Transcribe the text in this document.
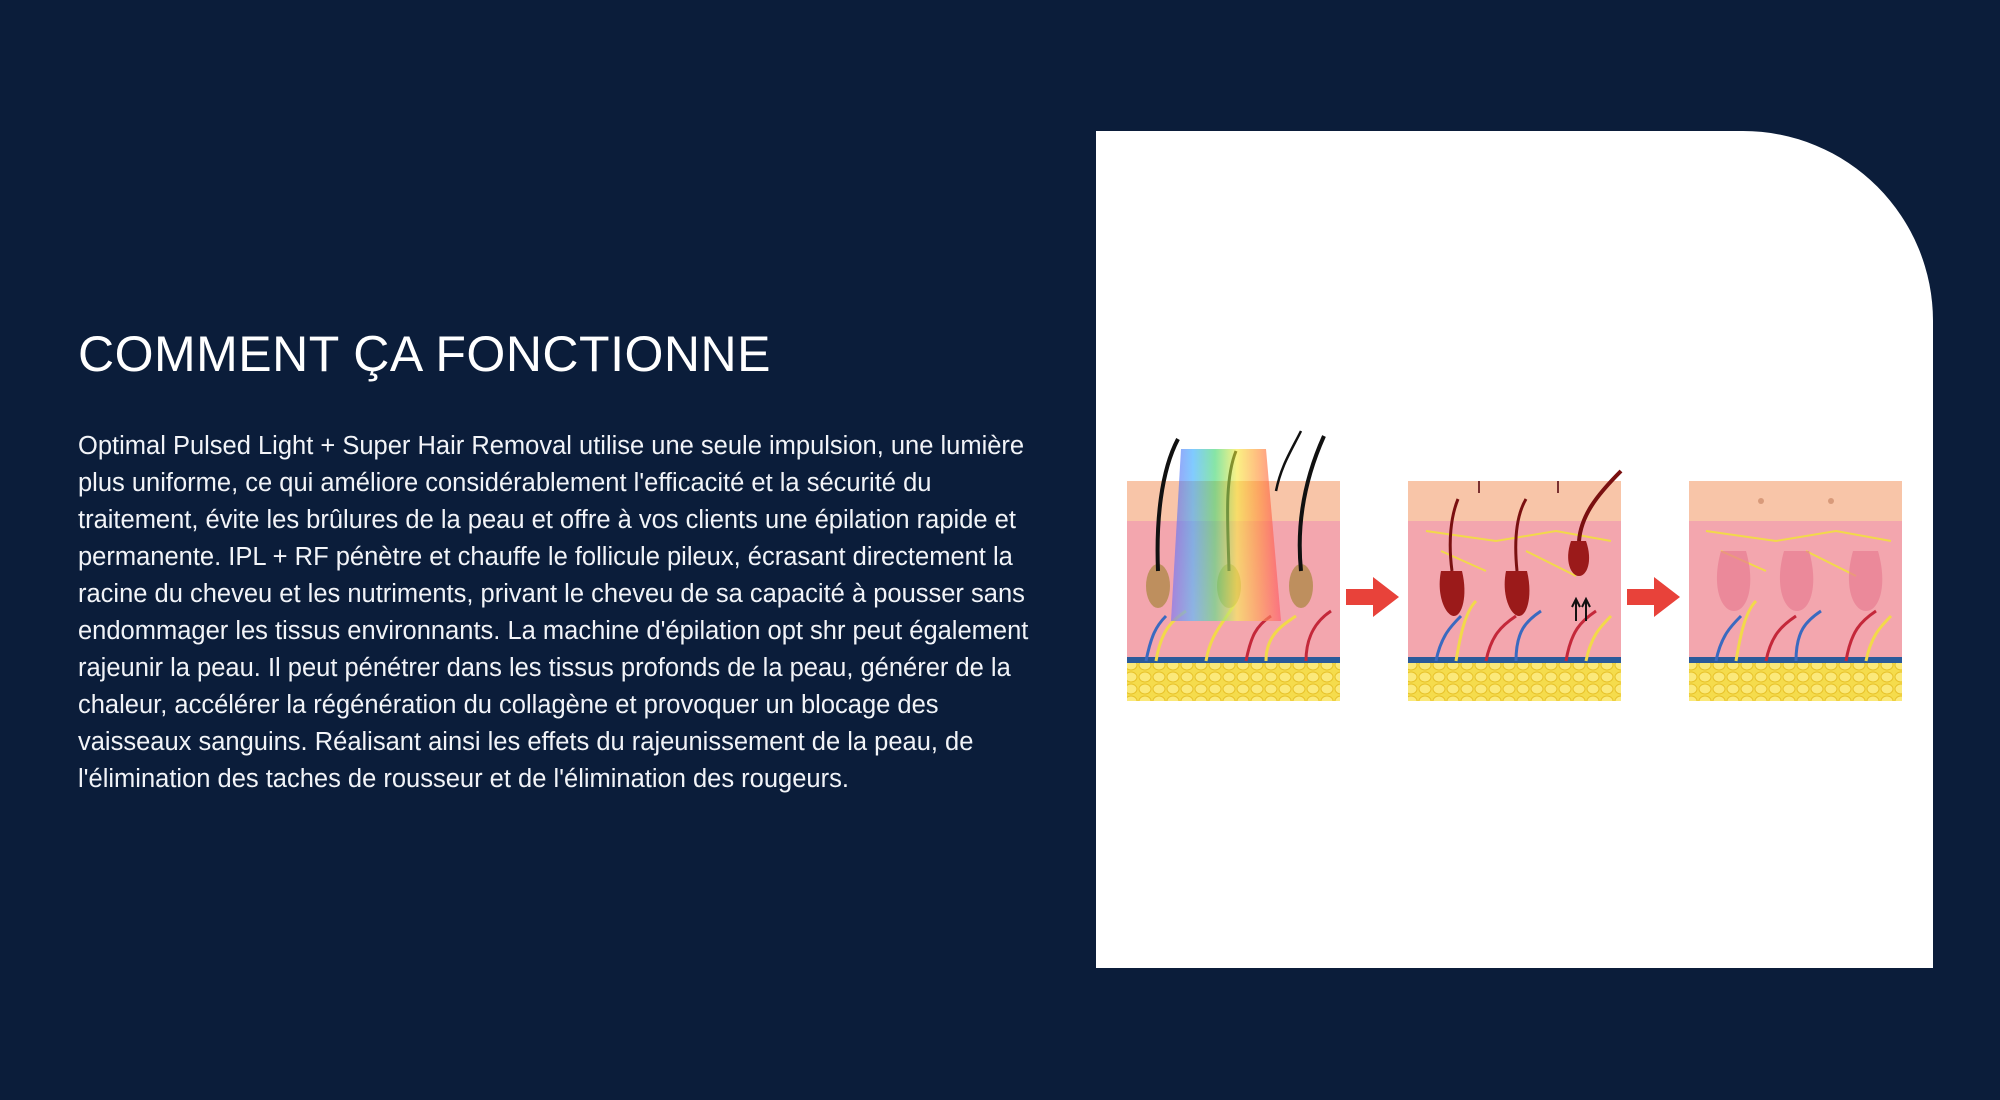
COMMENT ÇA FONCTIONNE

Optimal Pulsed Light + Super Hair Removal utilise une seule impulsion, une lumière plus uniforme, ce qui améliore considérablement l'efficacité et la sécurité du traitement, évite les brûlures de la peau et offre à vos clients une épilation rapide et permanente. IPL + RF pénètre et chauffe le follicule pileux, écrasant directement la racine du cheveu et les nutriments, privant le cheveu de sa capacité à pousser sans endommager les tissus environnants. La machine d'épilation opt shr peut également rajeunir la peau. Il peut pénétrer dans les tissus profonds de la peau, générer de la chaleur, accélérer la régénération du collagène et provoquer un blocage des vaisseaux sanguins. Réalisant ainsi les effets du rajeunissement de la peau, de l'élimination des taches de rousseur et de l'élimination des rougeurs.
